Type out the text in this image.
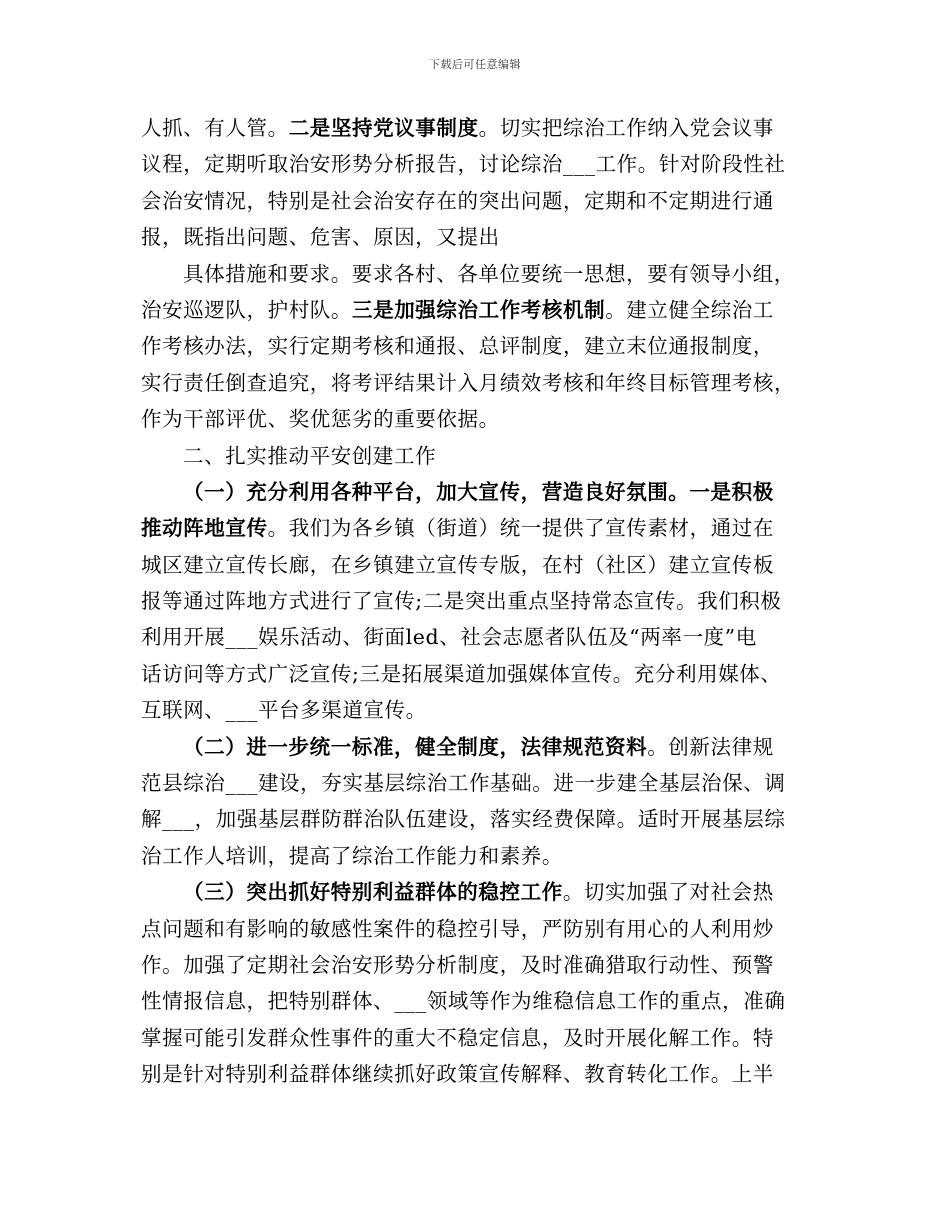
下载后可任意编辑
人抓、有人管。二是坚持党议事制度。切实把综治工作纳入党会议事
议程，定期听取治安形势分析报告，讨论综治___工作。针对阶段性社
会治安情况，特别是社会治安存在的突出问题，定期和不定期进行通
报，既指出问题、危害、原因，又提出
具体措施和要求。要求各村、各单位要统一思想，要有领导小组，
治安巡逻队，护村队。三是加强综治工作考核机制。建立健全综治工
作考核办法，实行定期考核和通报、总评制度，建立末位通报制度，
实行责任倒查追究，将考评结果计入月绩效考核和年终目标管理考核，
作为干部评优、奖优惩劣的重要依据。
二、扎实推动平安创建工作
（一）充分利用各种平台，加大宣传，营造良好氛围。一是积极
推动阵地宣传。我们为各乡镇（街道）统一提供了宣传素材，通过在
城区建立宣传长廊，在乡镇建立宣传专版，在村（社区）建立宣传板
报等通过阵地方式进行了宣传;二是突出重点坚持常态宣传。我们积极
利用开展___娱乐活动、街面led、社会志愿者队伍及“两率一度”电
话访问等方式广泛宣传;三是拓展渠道加强媒体宣传。充分利用媒体、
互联网、___平台多渠道宣传。
（二）进一步统一标准，健全制度，法律规范资料。创新法律规
范县综治___建设，夯实基层综治工作基础。进一步建全基层治保、调
解___，加强基层群防群治队伍建设，落实经费保障。适时开展基层综
治工作人培训，提高了综治工作能力和素养。
（三）突出抓好特别利益群体的稳控工作。切实加强了对社会热
点问题和有影响的敏感性案件的稳控引导，严防别有用心的人利用炒
作。加强了定期社会治安形势分析制度，及时准确猎取行动性、预警
性情报信息，把特别群体、___领域等作为维稳信息工作的重点，准确
掌握可能引发群众性事件的重大不稳定信息，及时开展化解工作。特
别是针对特别利益群体继续抓好政策宣传解释、教育转化工作。上半
